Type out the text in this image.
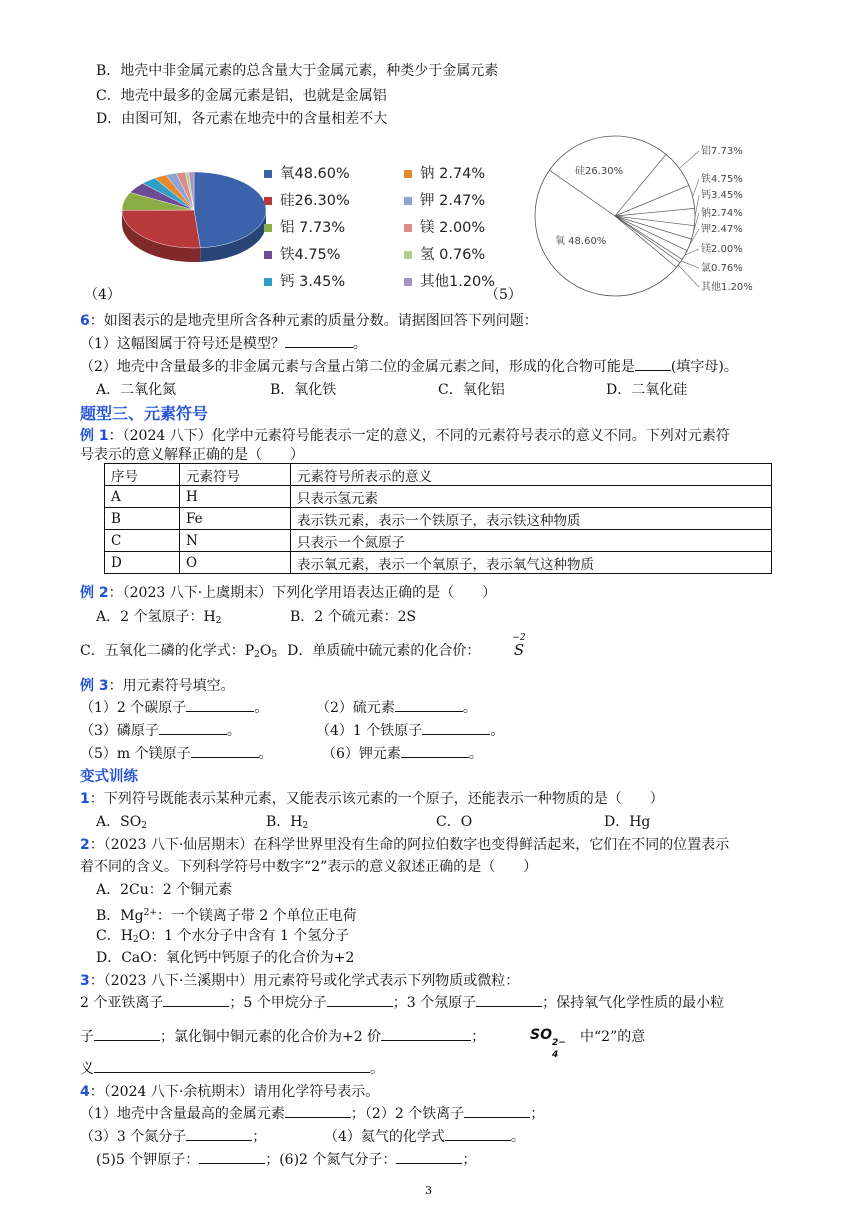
B．地壳中非金属元素的总含量大于金属元素，种类少于金属元素
C．地壳中最多的金属元素是铝，也就是金属铝
D．由图可知，各元素在地壳中的含量相差不大
氧48.60%
硅26.30%
铝 7.73%
铁4.75%
钙 3.45%
钠 2.74%
钾 2.47%
镁 2.00%
氢 0.76%
其他1.20%
（4）
铝7.73%
铁4.75%
钙3.45%
钠2.74%
钾2.47%
镁2.00%
氯0.76%
其他1.20%
硅26.30%
氧 48.60%
（5）
6：如图表示的是地壳里所含各种元素的质量分数。请据图回答下列问题：
（1）这幅图属于符号还是模型？	。
（2）地壳中含量最多的非金属元素与含量占第二位的金属元素之间，形成的化合物可能是	(填字母)。
A．二氧化氮	B．氧化铁	C．氧化铝	D．二氧化硅
题型三、元素符号
例 1：（2024 八下）化学中元素符号能表示一定的意义，不同的元素符号表示的意义不同。下列对元素符
号表示的意义解释正确的是（　　）
序号	元素符号	元素符号所表示的意义
A	H	只表示氢元素
B	Fe	表示铁元素，表示一个铁原子，表示铁这种物质
C	N	只表示一个氮原子
D	O	表示氧元素，表示一个氧原子，表示氧气这种物质
例 2：（2023 八下·上虞期末）下列化学用语表达正确的是（　　）
A．2 个氢原子：$H_2$	B．2 个硫元素：2S
C．五氧化二磷的化学式：$P_2O_5$ D．单质硫中硫元素的化合价：
−2
S
例 3：用元素符号填空。
（1）2 个碳原子	。	（2）硫元素	。
（3）磷原子	。	（4）1 个铁原子	。
（5）m 个镁原子	。	（6）钾元素	。
变式训练
1：下列符号既能表示某种元素，又能表示该元素的一个原子，还能表示一种物质的是（　　）
A．$SO_2$	B．$H_2$	C．O	D．Hg
2：（2023 八下·仙居期末）在科学世界里没有生命的阿拉伯数字也变得鲜活起来，它们在不同的位置表示
着不同的含义。下列科学符号中数字“2”表示的意义叙述正确的是（　　）
A．2Cu：2 个铜元素
B．$Mg^{2+}$：一个镁离子带 2 个单位正电荷
C．$H_2O$：1 个水分子中含有 1 个氢分子
D．CaO：氧化钙中钙原子的化合价为+2
3：（2023 八下·兰溪期中）用元素符号或化学式表示下列物质或微粒：
2 个亚铁离子	；5 个甲烷分子	；3 个氖原子	；保持氧气化学性质的最小粒
子	；氯化铜中铜元素的化合价为+2 价	；	SO 2−
4
中“2”的意
义	。
4：（2024 八下·余杭期末）请用化学符号表示。
（1）地壳中含量最高的金属元素	；（2）2 个铁离子	；
（3）3 个氮分子	；	（4）氦气的化学式	。
(5)5 个钾原子：	；(6)2 个氮气分子：	；
3
